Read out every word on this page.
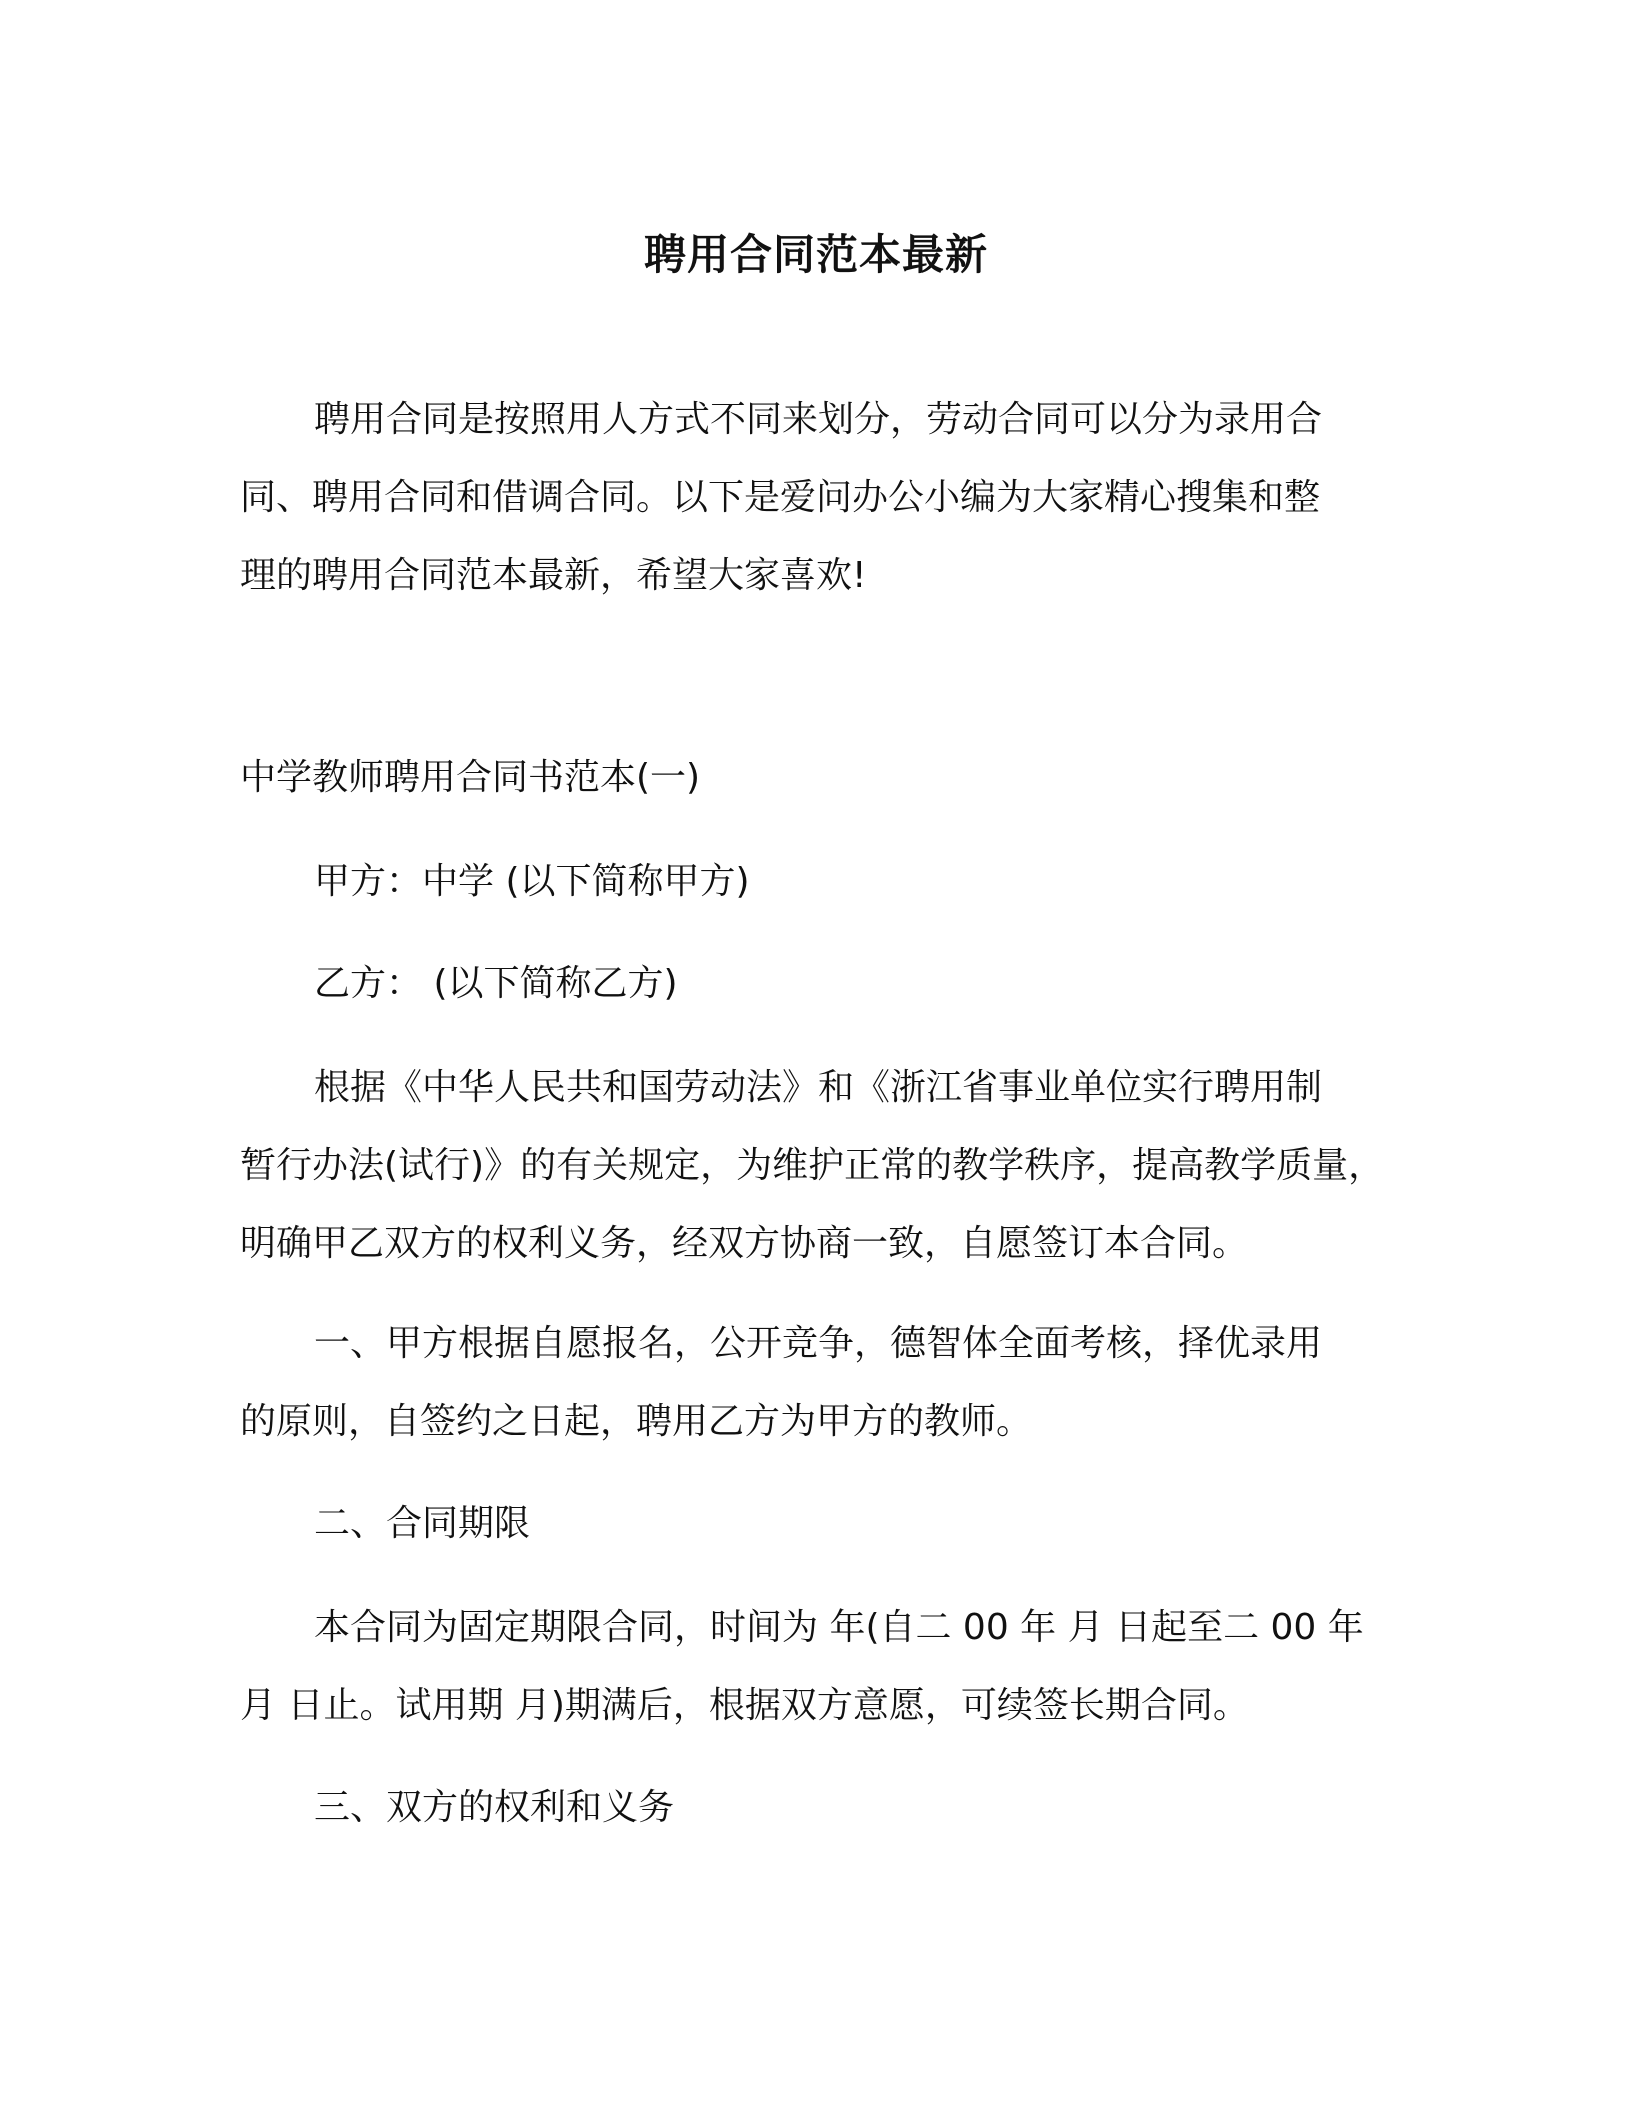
聘用合同范本最新
聘用合同是按照用人方式不同来划分，劳动合同可以分为录用合
同、聘用合同和借调合同。以下是爱问办公小编为大家精心搜集和整
理的聘用合同范本最新，希望大家喜欢!
中学教师聘用合同书范本(一)
甲方：中学 (以下简称甲方)
乙方： (以下简称乙方)
根据《中华人民共和国劳动法》和《浙江省事业单位实行聘用制
暂行办法(试行)》的有关规定，为维护正常的教学秩序，提高教学质量，
明确甲乙双方的权利义务，经双方协商一致，自愿签订本合同。
一、甲方根据自愿报名，公开竞争，德智体全面考核，择优录用
的原则，自签约之日起，聘用乙方为甲方的教师。
二、合同期限
本合同为固定期限合同，时间为 年(自二 00 年 月 日起至二 00 年
月 日止。试用期 月)期满后，根据双方意愿，可续签长期合同。
三、双方的权利和义务
